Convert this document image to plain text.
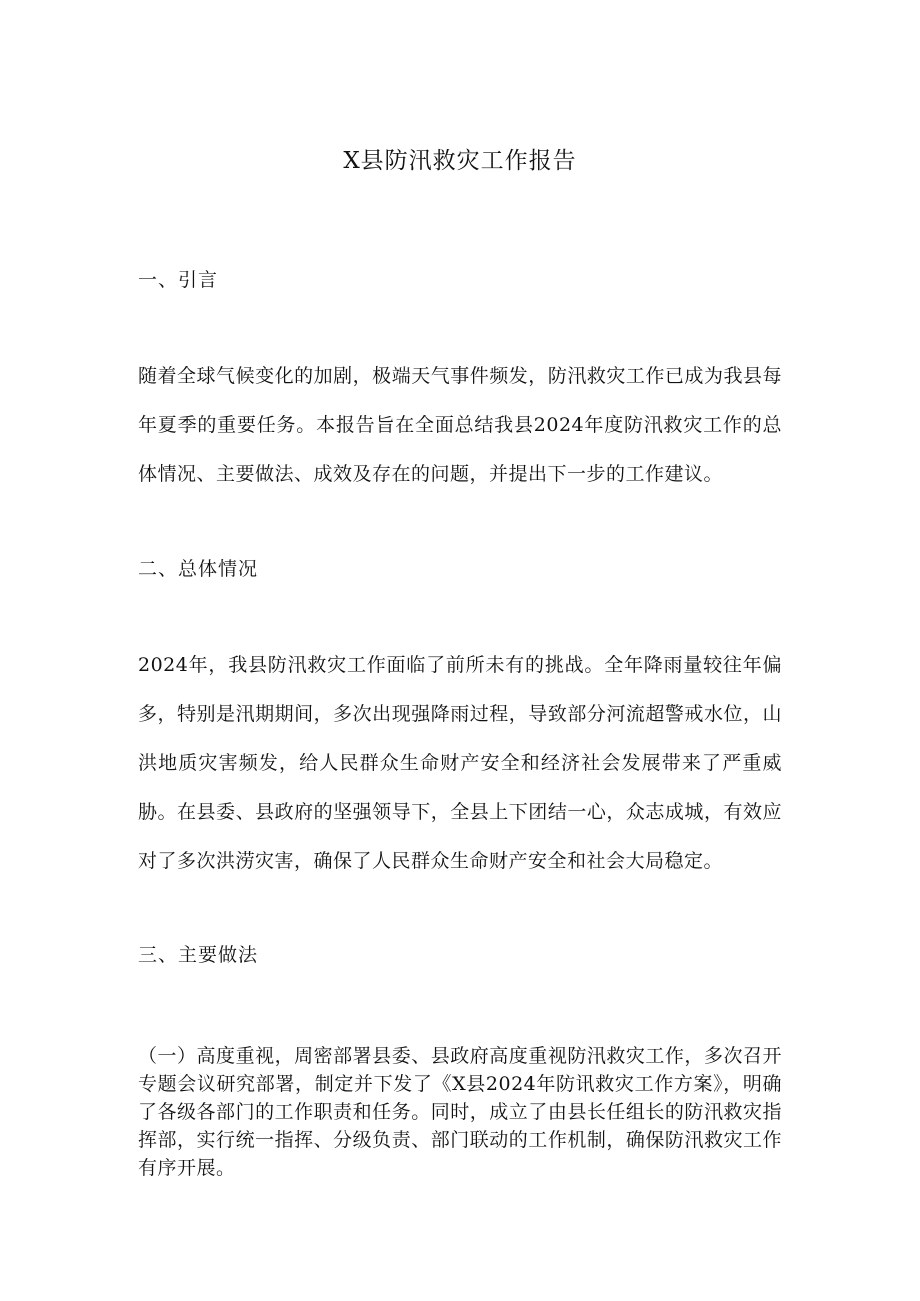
X县防汛救灾工作报告
一、引言

随着全球气候变化的加剧，极端天气事件频发，防汛救灾工作已成为我县每年夏季的重要任务。本报告旨在全面总结我县2024年度防汛救灾工作的总体情况、主要做法、成效及存在的问题，并提出下一步的工作建议。

二、总体情况

2024年，我县防汛救灾工作面临了前所未有的挑战。全年降雨量较往年偏多，特别是汛期期间，多次出现强降雨过程，导致部分河流超警戒水位，山洪地质灾害频发，给人民群众生命财产安全和经济社会发展带来了严重威胁。在县委、县政府的坚强领导下，全县上下团结一心，众志成城，有效应对了多次洪涝灾害，确保了人民群众生命财产安全和社会大局稳定。

三、主要做法

（一）高度重视，周密部署县委、县政府高度重视防汛救灾工作，多次召开专题会议研究部署，制定并下发了《X县2024年防讯救灾工作方案》，明确了各级各部门的工作职责和任务。同时，成立了由县长任组长的防汛救灾指挥部，实行统一指挥、分级负责、部门联动的工作机制，确保防汛救灾工作有序开展。
